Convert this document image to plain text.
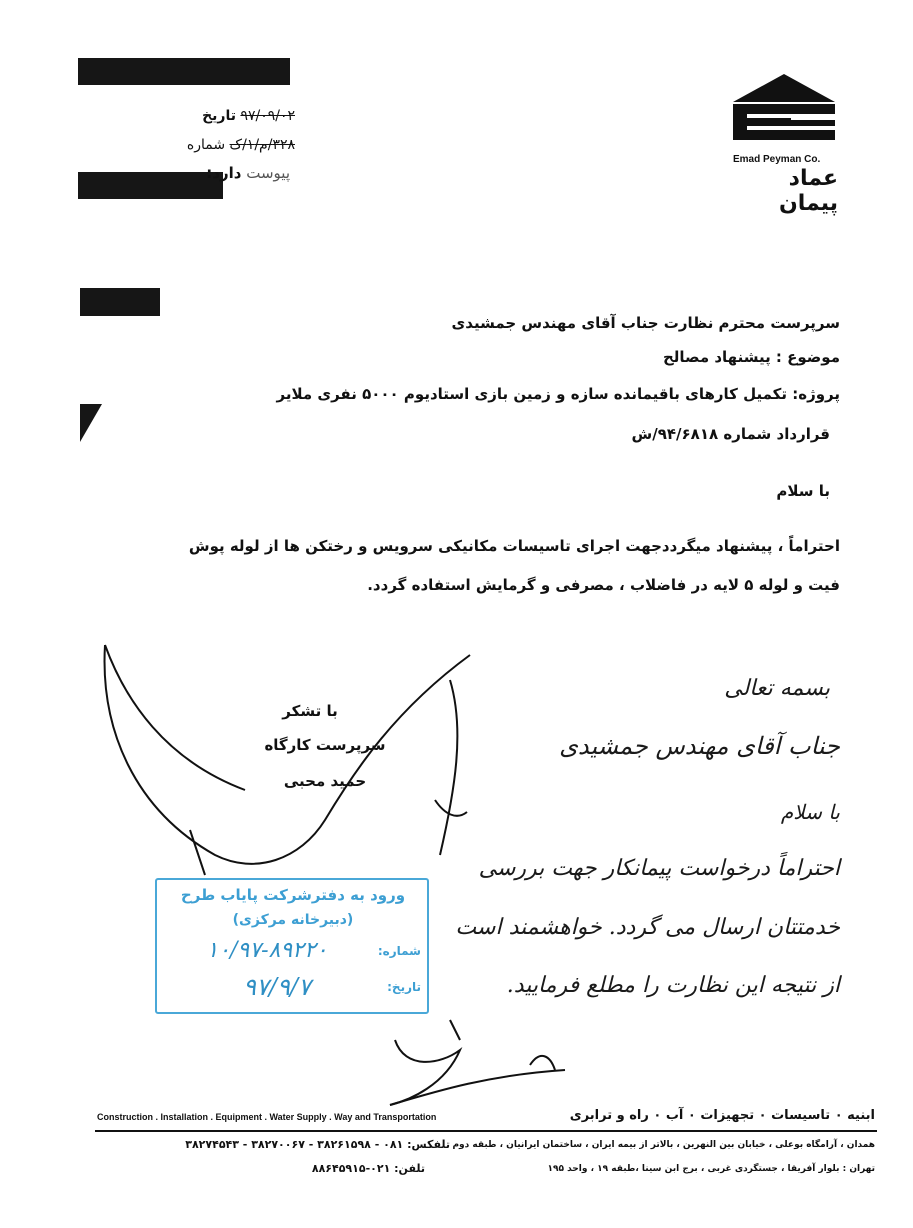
۹۷/۰۹/۰۲ تاریخ
۳۲۸/م/۱/ک شماره
پیوست دارد:
Emad Peyman Co.
عماد پیمان
سرپرست محترم نظارت جناب آقای مهندس جمشیدی
موضوع : پیشنهاد مصالح
پروژه: تکمیل کارهای باقیمانده سازه و زمین بازی استادیوم ۵۰۰۰ نفری ملایر
قرارداد شماره ۹۴/۶۸۱۸/ش
با سلام
احتراماً ، پیشنهاد میگرددجهت اجرای تاسیسات مکانیکی سرویس و رختکن ها از لوله پوش
فیت و لوله ۵ لایه در فاضلاب ، مصرفی و گرمایش استفاده گردد.
با تشکر
سرپرست کارگاه
حمید محبی
بسمه تعالی
جناب آقای مهندس جمشیدی
با سلام
احتراماً درخواست پیمانکار جهت بررسی
خدمتتان ارسال می گردد. خواهشمند است
از نتیجه این نظارت را مطلع فرمایید.
ورود به دفترشرکت پایاب طرح
(دبیرخانه مرکزی)
شماره:
۱۰/۹۷-۸۹۲۲۰
تاریخ:
۹۷/۹/۷
Construction . Installation . Equipment . Water Supply . Way and Transportation	ابنیه ۰ تاسیسات ۰ تجهیزات ۰ آب ۰ راه و ترابری
همدان ، آرامگاه بوعلی ، خیابان بین النهرین ، بالاتر از بیمه ایران ، ساختمان ایرانیان ، طبقه دوم
تلفکس: ۰۸۱ - ۳۸۲۶۱۵۹۸ - ۳۸۲۷۰۰۶۷ - ۳۸۲۷۴۵۴۳
تهران : بلوار آفریقا ، جستگردی غربی ، برج ابن سینا ،طبقه ۱۹ ، واحد ۱۹۵
تلفن: ۰۲۱-۸۸۶۴۵۹۱۵
